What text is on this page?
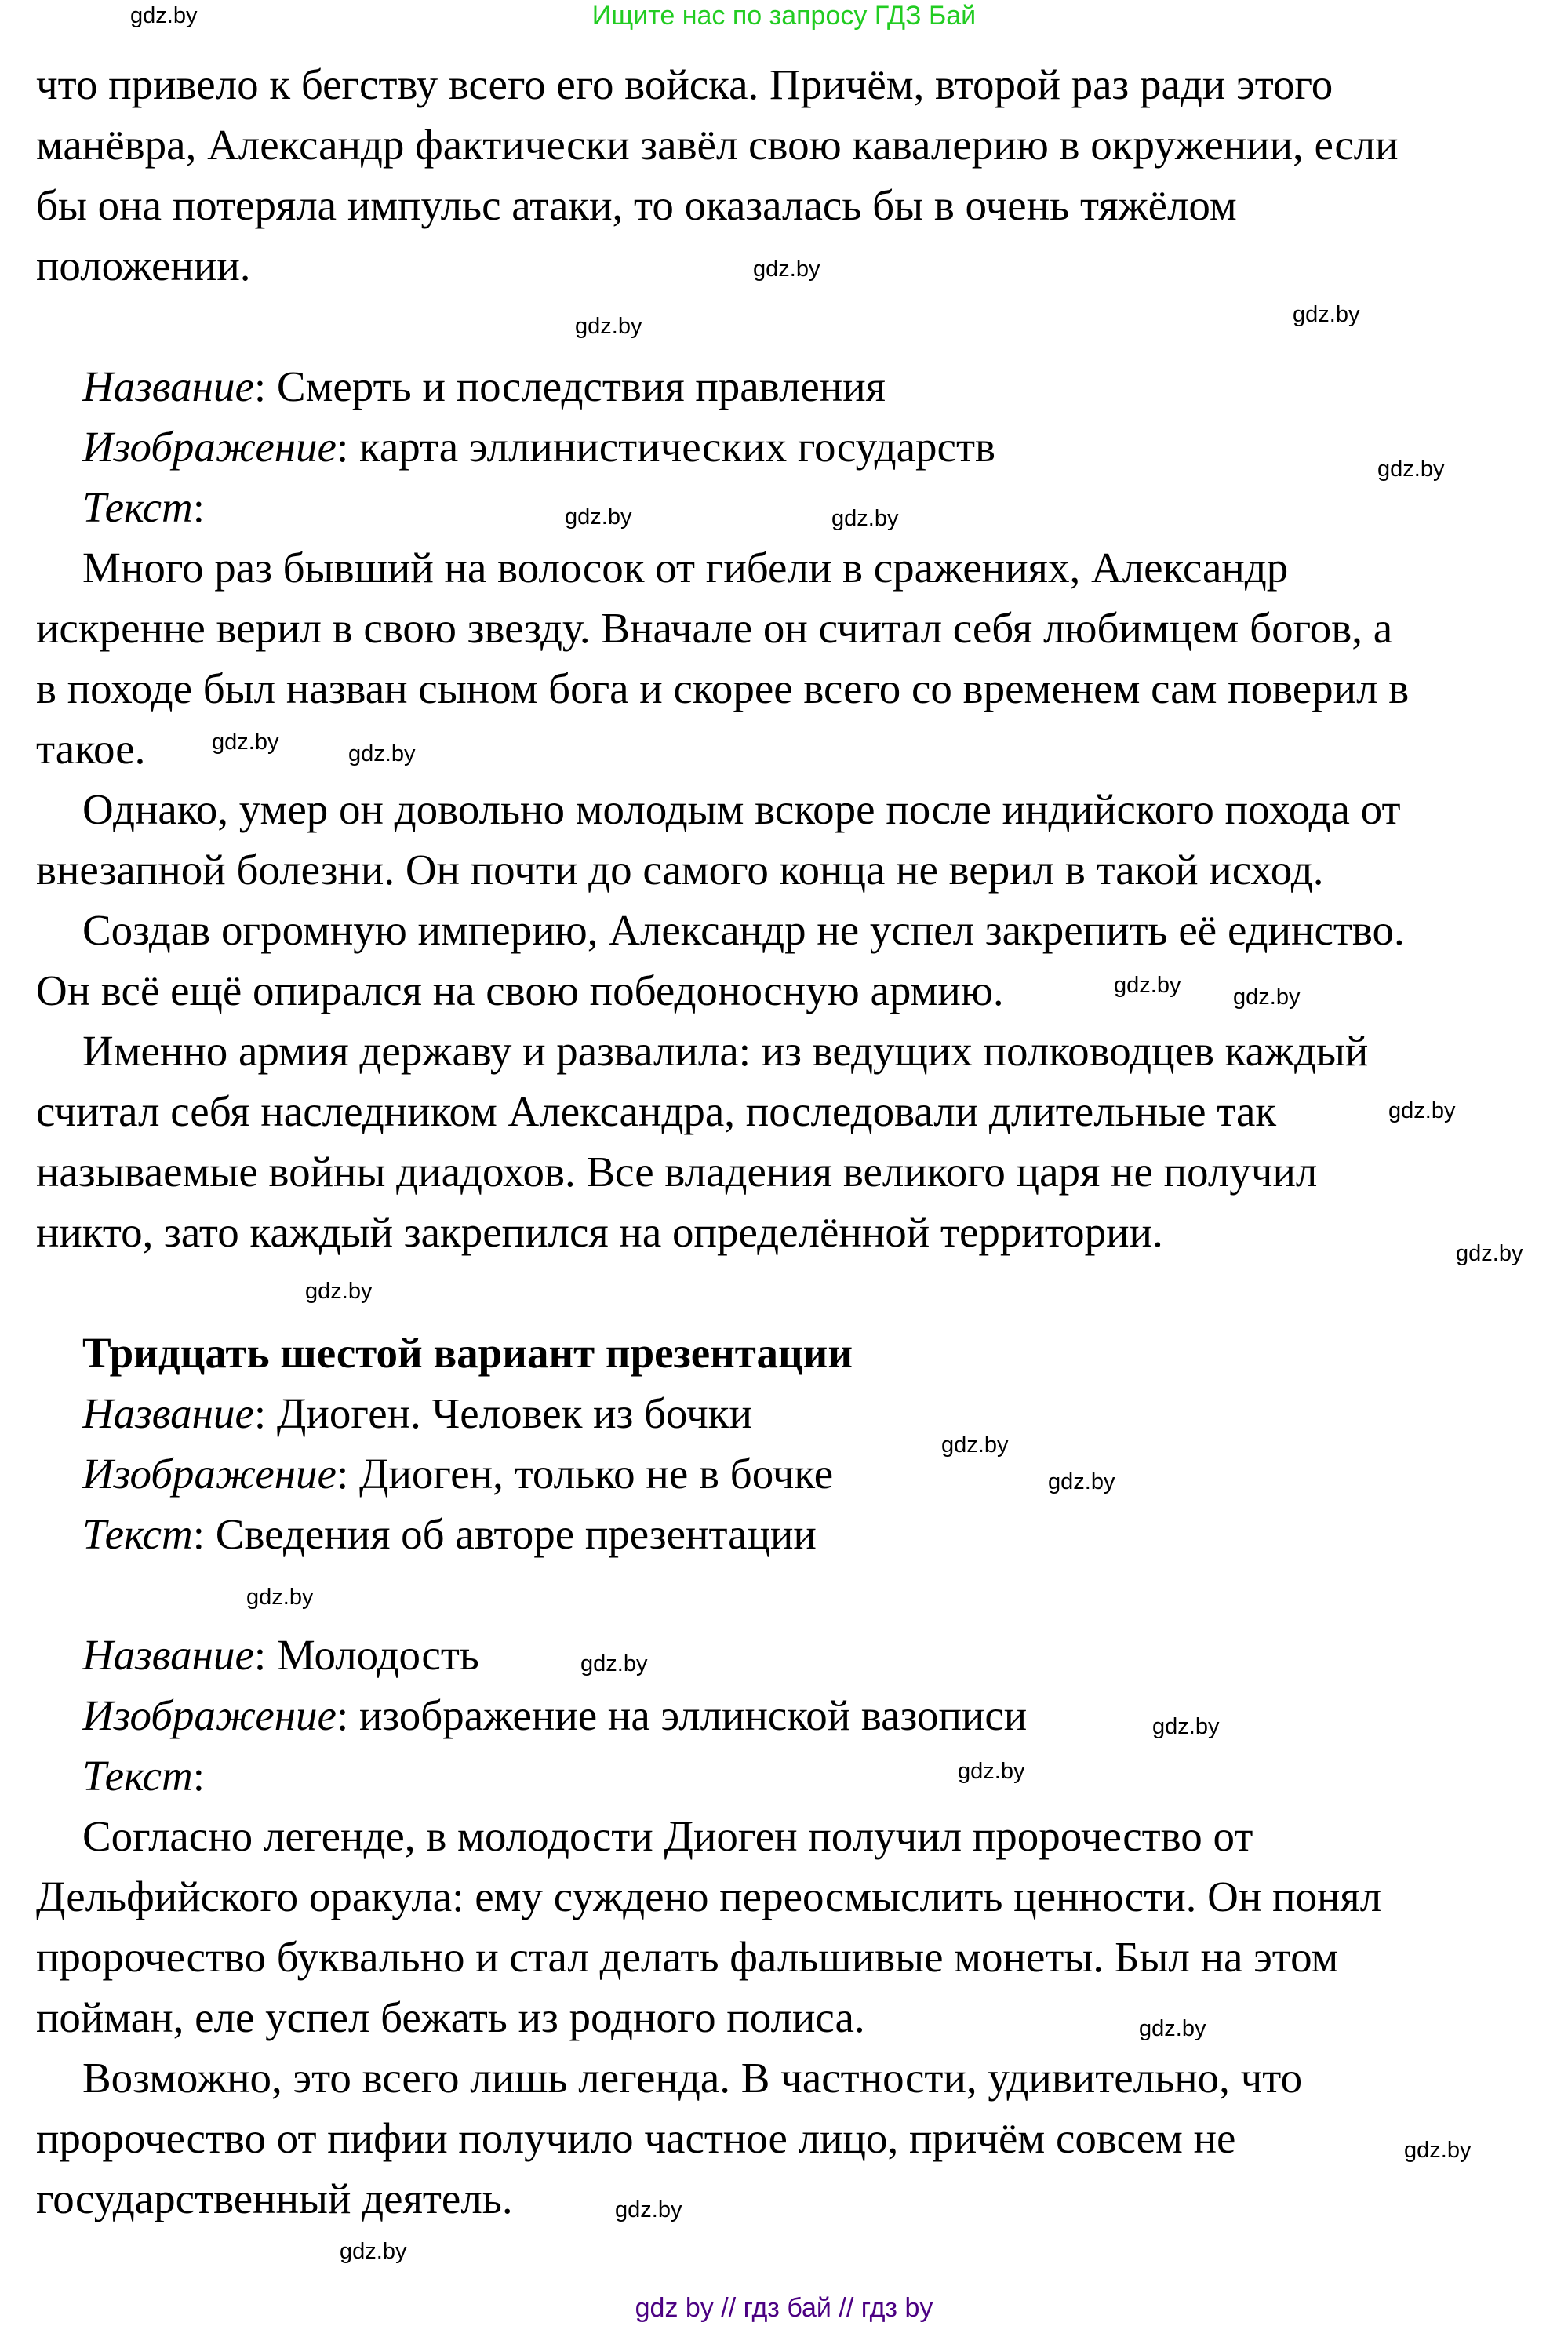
Ищите нас по запросу ГДЗ Бай
что привело к бегству всего его войска. Причём, второй раз ради этого
манёвра, Александр фактически завёл свою кавалерию в окружении, если
бы она потеряла импульс атаки, то оказалась бы в очень тяжёлом
положении.
Название: Смерть и последствия правления
Изображение: карта эллинистических государств
Текст:
Много раз бывший на волосок от гибели в сражениях, Александр
искренне верил в свою звезду. Вначале он считал себя любимцем богов, а
в походе был назван сыном бога и скорее всего со временем сам поверил в
такое.
Однако, умер он довольно молодым вскоре после индийского похода от
внезапной болезни. Он почти до самого конца не верил в такой исход.
Создав огромную империю, Александр не успел закрепить её единство.
Он всё ещё опирался на свою победоносную армию.
Именно армия державу и развалила: из ведущих полководцев каждый
считал себя наследником Александра, последовали длительные так
называемые войны диадохов. Все владения великого царя не получил
никто, зато каждый закрепился на определённой территории.
Тридцать шестой вариант презентации
Название: Диоген. Человек из бочки
Изображение: Диоген, только не в бочке
Текст: Сведения об авторе презентации
Название: Молодость
Изображение: изображение на эллинской вазописи
Текст:
Согласно легенде, в молодости Диоген получил пророчество от
Дельфийского оракула: ему суждено переосмыслить ценности. Он понял
пророчество буквально и стал делать фальшивые монеты. Был на этом
пойман, еле успел бежать из родного полиса.
Возможно, это всего лишь легенда. В частности, удивительно, что
пророчество от пифии получило частное лицо, причём совсем не
государственный деятель.
gdz.by
gdz.by
gdz.by
gdz.by
gdz.by
gdz.by	gdz.by
gdz.by	gdz.by
gdz.by gdz.by
gdz.by
gdz.by
gdz.by
gdz.by
gdz.by
gdz.by
gdz.by
gdz.by
gdz.by
gdz.by
gdz.by
gdz.by
gdz.by
gdz by // гдз бай // гдз by
